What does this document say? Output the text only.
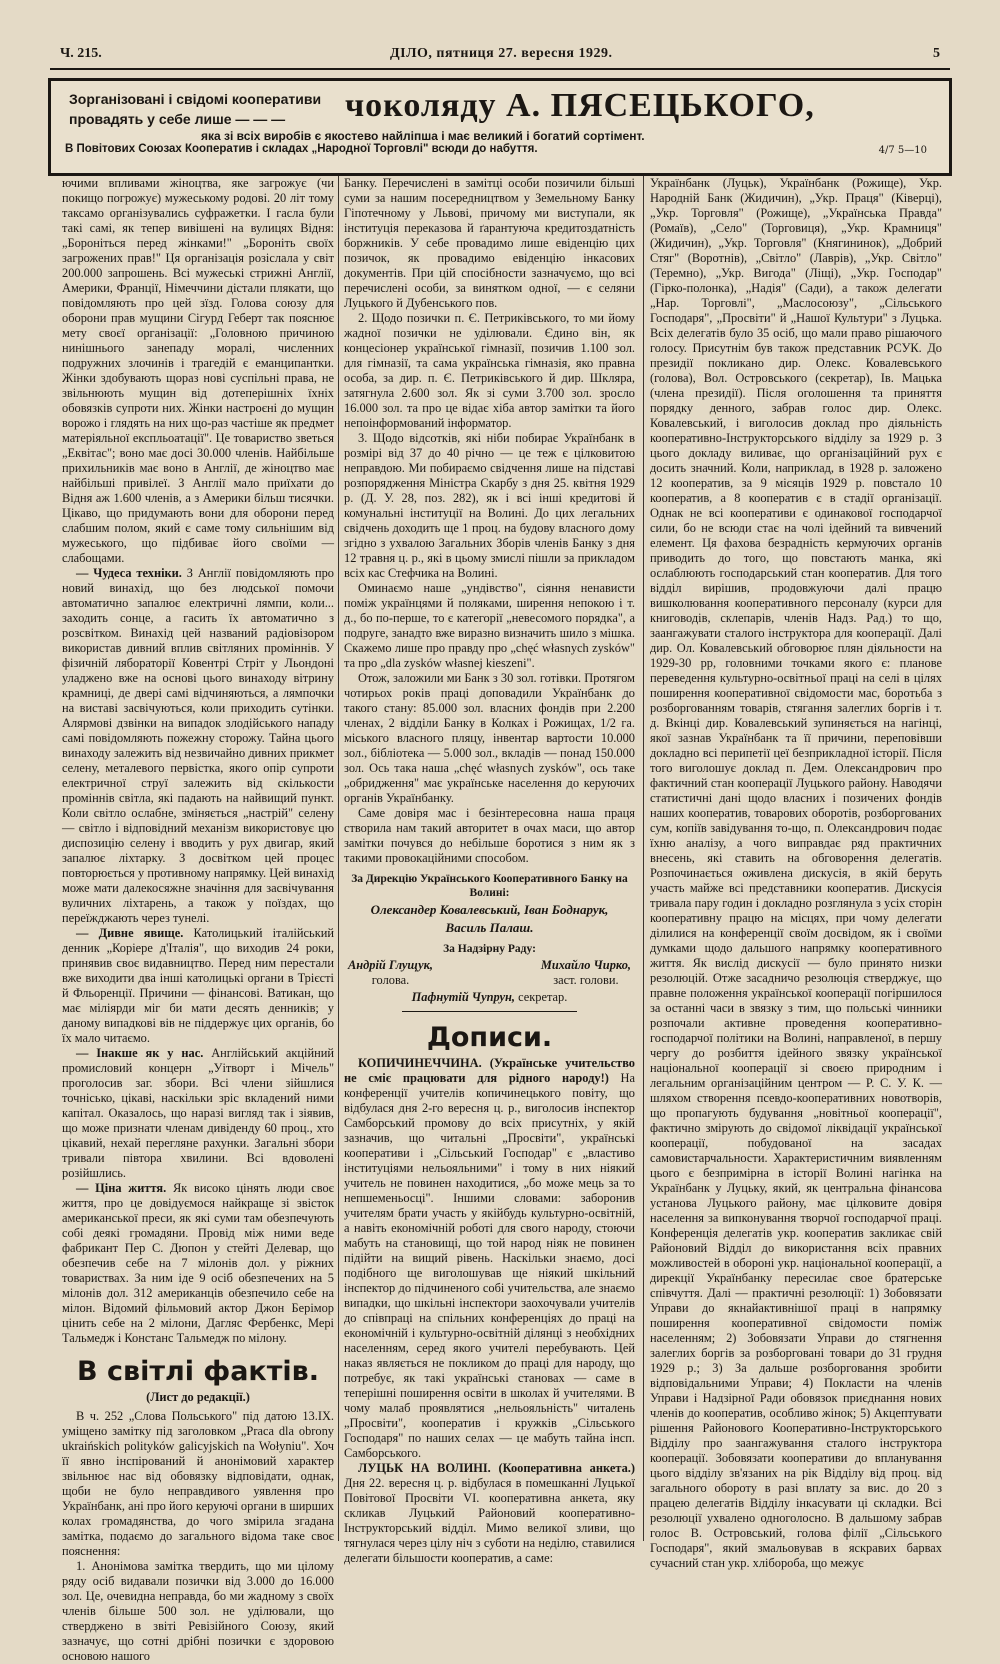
Ч. 215.	ДІЛО, пятниця 27. вересня 1929.	5
Зорганізовані і свідомі кооперативи
провадять у себе лише — — — чоколяду А. ПЯСЕЦЬКОГО,
яка зі всіх виробів є якостево найліпша і має великий і богатий сортімент.
В Повітових Союзах Кооператив і складах „Народної Торговлі" всюди до набуття.	4/7 5—10

ючими впливами жіноцтва, яке загрожує (чи покищо погрожує) мужеському родові. 20 літ тому таксамо організувались суфражетки. І гасла були такі самі, як тепер вивішені на вулицях Відня: „Бороніться перед жінками!" „Бороніть своїх загрожених прав!" Ця організація розіслала у світ 200.000 запрошень. Всі мужеські стрижні Англії, Америки, Франції, Німеччини дістали плякати, що повідомляють про цей зїзд. Голова союзу для оборони прав мущини Сігурд Геберт так пояснює мету своєї організації: „Головною причиною нинішнього занепаду моралі, численних подружних злочинів і трагедій є еманципантки. Жінки здобувають щораз нові суспільні права, не звільнюють мущин від дотеперішніх їхніх обовязків супроти них. Жінки настроєні до мущин ворожо і глядять на них що-раз частіше як предмет матеріяльної експльоатації". Це товариство зветься „Еквітас"; воно має досі 30.000 членів. Найбільше прихильників має воно в Англії, де жіноцтво має найбільші привілеї. З Англії мало приїхати до Відня аж 1.600 членів, а з Америки більш тисячки. Цікаво, що придумають вони для оборони перед слабшим полом, який є саме тому сильнішим від мужеського, що підбиває його своїми — слабощами.

— Чудеса техніки. З Англії повідомляють про новий винахід, що без людської помочи автоматично запалює електричні лямпи, коли... заходить сонце, а гасить їх автоматично з розсвітком. Винахід цей названий радіовізором використав дивний вплив світляних проміннів. У фізичній лябораторії Ковентрі Стріт у Льондоні уладжено вже на основі цього винаходу вітрину крамниці, де двері самі відчиняються, а лямпочки на виставі засвічуються, коли приходить сутінки. Алярмові дзвінки на випадок злодійського нападу самі повідомляють пожежну сторожу. Тайна цього винаходу залежить від незвичайно дивних прикмет селену, металевого первістка, якого опір супроти електричної струї залежить від скількости проміннів світла, які падають на найвищий пункт. Коли світло ослабне, зміняється „настрій" селену — світло і відповідний механізм використовує цю диспозицію селену і вводить у рух двигар, який запалює ліхтарку. З досвітком цей процес повторюється у противному напрямку. Цей винахід може мати далекосяжне значіння для засвічування вуличних ліхтарень, а також у поїздах, що переїжджають через тунелі.

— Дивне явище. Католицький італійський денник „Коріере д'Італія", що виходив 24 роки, принявив своє видавництво. Перед ним перестали вже виходити два інші католицькі органи в Трієсті й Фльоренції. Причини — фінансові. Ватикан, що має міліярди міг би мати десять денників; у даному випадкові вів не піддержує цих органів, бо їх мало читаємо.

— Інакше як у нас. Англійський акційний промисловий концерн „Уітворт і Мічель" проголосив заг. збори. Всі члени зійшлися точнісько, цікаві, наскільки зріс вкладений ними капітал. Оказалось, що наразі вигляд так і зіявив, що може признати членам дивіденду 60 проц., хто цікавий, нехай перегляне рахунки. Загальні збори тривали півтора хвилини. Всі вдоволені розійшлись.

— Ціна життя. Як високо цінять люди своє життя, про це довідуємося найкраще зі звісток американської преси, як які суми там обезпечують собі деякі громадяни. Провід між ними веде фабрикант Пер С. Дюпон у стейті Делевар, що обезпечив себе на 7 мілонів дол. у ріжних товариствах. За ним іде 9 осіб обезпечених на 5 мілонів дол. 312 американців обезпечило себе на мілон. Відомий фільмовий актор Джон Берімор цінить себе на 2 мілони, Дагляс Фербенкс, Мері Тальмедж і Констанс Тальмедж по мілону.

В світлі фактів.
(Лист до редакції.)

В ч. 252 „Слова Польського" під датою 13.IX. уміщено замітку під заголовком „Praca dla obrony ukraińskich polityków galicyjskich na Wołyniu". Хоч її явно інспірований й анонімовий характер звільнює нас від обовязку відповідати, однак, щоби не було неправдивого уявлення про Українбанк, ані про його керуючі органи в ширших колах громадянства, до чого змірила згадана замітка, подаємо до загального відома таке своє пояснення:

1. Анонімова замітка твердить, що ми цілому ряду осіб видавали позички від 3.000 до 16.000 зол. Це, очевидна неправда, бо ми жадному з своїх членів більше 500 зол. не уділювали, що стверджено в звіті Ревізійного Союзу, який зазначує, що сотні дрібні позички є здоровою основою нашого

Банку. Перечислені в замітці особи позичили більші суми за нашим посередництвом у Земельному Банку Гіпотечному у Львові, причому ми виступали, як інституція переказова й ґарантуюча кредитоздатність боржників. У себе провадимо лише евіденцію цих позичок, як провадимо евіденцію інкасових документів. При цій спосібности зазначуємо, що всі перечислені особи, за винятком одної, — є селяни Луцького й Дубенського пов.

2. Щодо позички п. Є. Петриківського, то ми йому жадної позички не уділювали. Єдино він, як концесіонер української гімназії, позичив 1.100 зол. для гімназії, та сама українська гімназія, яко правна особа, за дир. п. Є. Петриківського й дир. Шкляра, затягнула 2.600 зол. Як зі суми 3.700 зол. зросло 16.000 зол. та про це відає хіба автор замітки та його непоінформований інформатор.

3. Щодо відсотків, які ніби побирає Українбанк в розмірі від 37 до 40 річно — це теж є цілковитою неправдою. Ми побираємо свідчення лише на підставі розпорядження Міністра Скарбу з дня 25. квітня 1929 р. (Д. У. 28, поз. 282), як і всі інші кредитові й комунальні інституції на Волині. До цих легальних свідчень доходить ще 1 проц. на будову власного дому згідно з ухвалою Загальних Зборів членів Банку з дня 12 травня ц. р., які в цьому змислі пішли за прикладом всіх кас Стефчика на Волині.

Оминаємо наше „ундівство", сіяння ненависти поміж українцями й поляками, ширення непокою і т. д., бо по-перше, то є категорії „невесомого порядка", а подруге, занадто вже виразно визначить шило з мішка. Скажемо лише про правду про „chęć własnych zysków" та про „dla zysków własnej kieszeni".

Отож, заложили ми Банк з 30 зол. готівки. Протягом чотирьох років праці доповадили Українбанк до такого стану: 85.000 зол. власних фондів при 2.200 членах, 2 відділи Банку в Колках і Рожищах, 1/2 га. міського власного пляцу, інвентар вартости 10.000 зол., бібліотека — 5.000 зол., вкладів — понад 150.000 зол. Ось така наша „chęć własnych zysków", ось таке „обридження" має українське населення до керуючих органів Українбанку.

Саме довіря мас і безінтересовна наша праця створила нам такий авторитет в очах маси, що автор замітки почувся до небільше боротися з ним як з такими провокаційними способом.

За Дирекцію Українського Кооперативного Банку на Волині:
Олександер Ковалевський, Іван Боднарук,
Василь Палаш.
За Надзірну Раду:
Андрій Глущук,
голова.
Михайло Чирко,
заст. голови.
Пафнутій Чупрун, секретар.
Дописи.

КОПИЧИНЕЧЧИНА. (Українське учительство не сміє працювати для рідного народу!) На конференції учителів копичинецького повіту, що відбулася дня 2-го вересня ц. р., виголосив інспектор Самборський промову до всіх присутніх, у якій зазначив, що читальні „Просвіти", українські кооперативи і „Сільський Господар" є „властиво інституціями нельояльними" і тому в них ніякий учитель не повинен находитися, „бо може мець за то непшеменьосці". Іншими словами: заборонив учителям брати участь у якійбудь культурно-освітній, а навіть економічній роботі для свого народу, стоючи мабуть на становищі, що той народ ніяк не повинен підійти на вищий рівень. Наскільки знаємо, досі подібного ще виголошував ще ніякий шкільний інспектор до підчиненого собі учительства, але знаємо випадки, що шкільні інспектори заохочували учителів до співпраці на спільних конференціях до праці на економічній і культурно-освітній ділянці з необхідних населенням, серед якого учителі перебувають. Цей наказ являється не покликом до праці для народу, що потребує, як такі українські становах — саме в теперішні поширення освіти в школах й учителями. В чому малаб проявлятися „нельояльність" читалень „Просвіти", кооператив і кружків „Сільського Господаря" по наших селах — це мабуть тайна інсп. Самборського.

ЛУЦЬК НА ВОЛИНІ. (Кооперативна анкета.) Дня 22. вересня ц. р. відбулася в помешканні Луцької Повітової Просвіти VI. кооперативна анкета, яку скликав Луцький Районовий кооперативно-Інструкторський відділ. Мимо великої зливи, що тягнулася через цілу ніч з суботи на неділю, ставилися делегати більшости кооператив, а саме:

Українбанк (Луцьк), Українбанк (Рожище), Укр. Народній Банк (Жидичин), „Укр. Праця" (Ківерці), „Укр. Торговля" (Рожище), „Українська Правда" (Ромаїв), „Село" (Торговиця), „Укр. Крамниця" (Жидичин), „Укр. Торговля" (Княгининок), „Добрий Стяг" (Воротнів), „Світло" (Лаврів), „Укр. Світло" (Теремно), „Укр. Вигода" (Ліщі), „Укр. Господар" (Гірко-полонка), „Надія" (Сади), а також делегати „Нар. Торговлі", „Маслосоюзу", „Сільського Господаря", „Просвіти" й „Нашої Культури" з Луцька. Всіх делегатів було 35 осіб, що мали право рішаючого голосу. Присутнім був також представник РСУК. До президії покликано дир. Олекс. Ковалевського (голова), Вол. Островського (секретар), Ів. Мацька (члена президії). Після оголошення та приняття порядку денного, забрав голос дир. Олекс. Ковалевський, і виголосив доклад про діяльність кооперативно-Інструкторського відділу за 1929 р. З цього докладу виливає, що організаційний рух є досить значний. Коли, наприклад, в 1928 р. заложено 12 кооператив, за 9 місяців 1929 р. повстало 10 кооператив, а 8 кооператив є в стадії організації. Однак не всі кооперативи є одинакової господарчої сили, бо не всюди стає на чолі ідейний та вивчений елемент. Ця фахова безрадність кермуючих органів приводить до того, що повстають манка, які ослаблюють господарський стан кооператив. Для того відділ вирішив, продовжуючи далі працю вишколювання кооперативного персоналу (курси для книговодів, склепарів, членів Надз. Рад.) то що, заангажувати сталого інструктора для кооперації. Далі дир. Ол. Ковалевський обговорює плян діяльности на 1929-30 рр, головними точками якого є: планове переведення культурно-освітньої праці на селі в цілях поширення кооперативної свідомости мас, боротьба з розборгованням товарів, стягання залеглих боргів і т. д. Вкінці дир. Ковалевський зупиняється на нагінці, якої зазнав Українбанк та її причини, переповівши докладно всі перипетії цеї безприкладної історії. Після того виголошує доклад п. Дем. Олександрович про фактичний стан кооперації Луцького району. Наводячи статистичні дані щодо власних і позичених фондів наших кооператив, товарових оборотів, розборгованих сум, копіїв завідування то-що, п. Олександрович подає їхню аналізу, а чого виправдає ряд практичних внесень, які ставить на обговорення делегатів. Розпочинається оживлена дискусія, в якій беруть участь майже всі представники кооператив. Дискусія тривала пару годин і докладно розглянула з усіх сторін кооперативну працю на місцях, при чому делегати ділилися на конференції своїм досвідом, як і своїми думками щодо дальшого напрямку кооперативного життя. Як вислід дискусії — було принято низки резолюцій. Отже засадничо резолюція стверджує, що правне положення української кооперації погіршилося за останні часи в звязку з тим, що польські чинники розпочали активне проведення кооперативно-господарчої політики на Волині, направленої, в першу чергу до розбиття ідейного звязку української національної кооперації зі своєю природним і легальним організаційним центром — Р. С. У. К. — шляхом створення псевдо-кооперативних новотворів, що пропагують будування „новітньої кооперації", фактично змірують до свідомої ліквідації української кооперації, побудованої на засадах самовистарчальности. Характеристичним виявленням цього є безпримірна в історії Волині нагінка на Українбанк у Луцьку, який, як центральна фінансова установа Луцького району, має цілковите довіря населення за випконування творчої господарчої праці. Конференція делегатів укр. кооператив закликає свій Районовий Відділ до використання всіх правних можливостей в обороні укр. національної кооперації, а дирекції Українбанку пересилає свое братерське співчуття. Далі — практичні резолюції: 1) Зобовязати Управи до якнайактивнішої праці в напрямку поширення кооперативної свідомости поміж населенням; 2) Зобовязати Управи до стягнення залеглих боргів за розборговані товари до 31 грудня 1929 р.; 3) За дальше розборговання зробити відповідальними Управи; 4) Покласти на членів Управи і Надзірної Ради обовязок приєднання нових членів до кооператив, особливо жінок; 5) Акцептувати рішення Районового Кооперативно-Інструкторського Відділу про заангажування сталого інструктора кооперації. Зобовязати кооперативи до впланування цього відділу зв'язаних на рік Відділу від проц. від загального обороту в разі вплату за вис. до 20 з працею делегатів Відділу інкасувати ці складки. Всі резолюції ухвалено одноголосно. В дальшому забрав голос В. Островський, голова філії „Сільського Господаря", який змальовував в яскравих барвах сучасний стан укр. хлібороба, що межує
